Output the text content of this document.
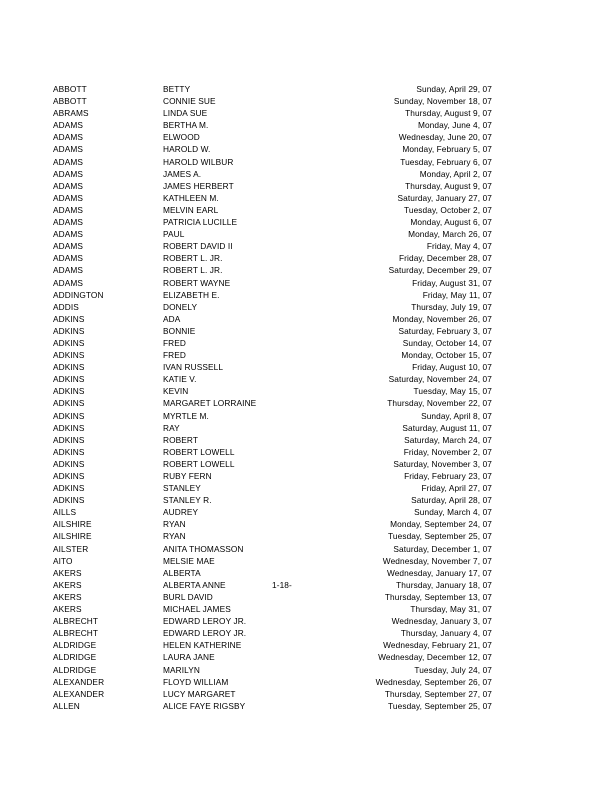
ABBOTT	BETTY	Sunday, April 29, 07
ABBOTT	CONNIE SUE	Sunday, November 18, 07
ABRAMS	LINDA SUE	Thursday, August 9, 07
ADAMS	BERTHA M.	Monday, June 4, 07
ADAMS	ELWOOD	Wednesday, June 20, 07
ADAMS	HAROLD W.	Monday, February 5, 07
ADAMS	HAROLD WILBUR	Tuesday, February 6, 07
ADAMS	JAMES A.	Monday, April 2, 07
ADAMS	JAMES HERBERT	Thursday, August 9, 07
ADAMS	KATHLEEN M.	Saturday, January 27, 07
ADAMS	MELVIN EARL	Tuesday, October 2, 07
ADAMS	PATRICIA LUCILLE	Monday, August 6, 07
ADAMS	PAUL	Monday, March 26, 07
ADAMS	ROBERT DAVID II	Friday, May 4, 07
ADAMS	ROBERT L. JR.	Friday, December 28, 07
ADAMS	ROBERT L. JR.	Saturday, December 29, 07
ADAMS	ROBERT WAYNE	Friday, August 31, 07
ADDINGTON	ELIZABETH E.	Friday, May 11, 07
ADDIS	DONELY	Thursday, July 19, 07
ADKINS	ADA	Monday, November 26, 07
ADKINS	BONNIE	Saturday, February 3, 07
ADKINS	FRED	Sunday, October 14, 07
ADKINS	FRED	Monday, October 15, 07
ADKINS	IVAN RUSSELL	Friday, August 10, 07
ADKINS	KATIE V.	Saturday, November 24, 07
ADKINS	KEVIN	Tuesday, May 15, 07
ADKINS	MARGARET LORRAINE	Thursday, November 22, 07
ADKINS	MYRTLE M.	Sunday, April 8, 07
ADKINS	RAY	Saturday, August 11, 07
ADKINS	ROBERT	Saturday, March 24, 07
ADKINS	ROBERT LOWELL	Friday, November 2, 07
ADKINS	ROBERT LOWELL	Saturday, November 3, 07
ADKINS	RUBY FERN	Friday, February 23, 07
ADKINS	STANLEY	Friday, April 27, 07
ADKINS	STANLEY R.	Saturday, April 28, 07
AILLS	AUDREY	Sunday, March 4, 07
AILSHIRE	RYAN	Monday, September 24, 07
AILSHIRE	RYAN	Tuesday, September 25, 07
AILSTER	ANITA THOMASSON	Saturday, December 1, 07
AITO	MELSIE MAE	Wednesday, November 7, 07
AKERS	ALBERTA	Wednesday, January 17, 07
AKERS	ALBERTA ANNE	1-18-	Thursday, January 18, 07
AKERS	BURL DAVID	Thursday, September 13, 07
AKERS	MICHAEL JAMES	Thursday, May 31, 07
ALBRECHT	EDWARD LEROY JR.	Wednesday, January 3, 07
ALBRECHT	EDWARD LEROY JR.	Thursday, January 4, 07
ALDRIDGE	HELEN KATHERINE	Wednesday, February 21, 07
ALDRIDGE	LAURA JANE	Wednesday, December 12, 07
ALDRIDGE	MARILYN	Tuesday, July 24, 07
ALEXANDER	FLOYD WILLIAM	Wednesday, September 26, 07
ALEXANDER	LUCY MARGARET	Thursday, September 27, 07
ALLEN	ALICE FAYE RIGSBY	Tuesday, September 25, 07
